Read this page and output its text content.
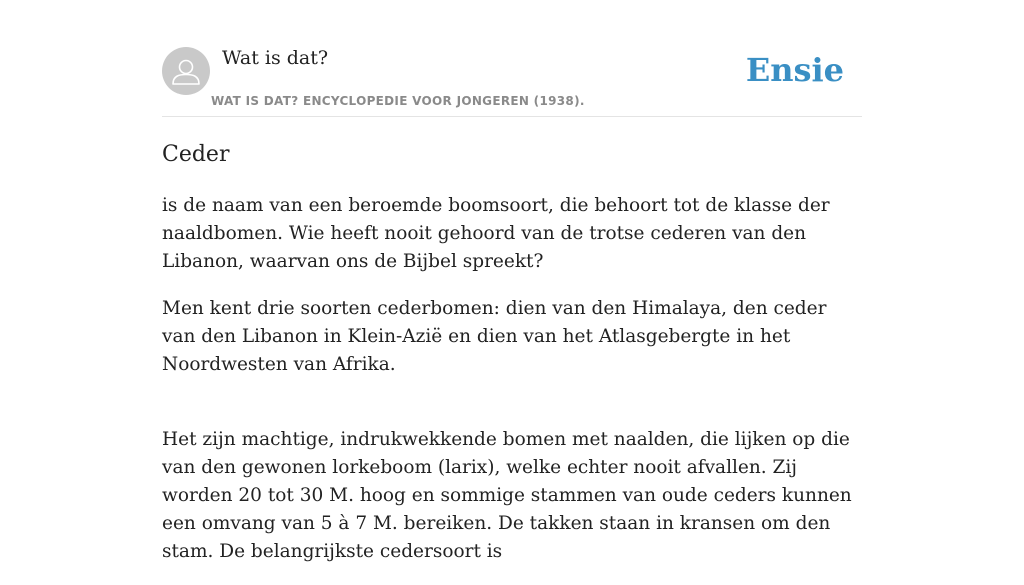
Wat is dat?
WAT IS DAT? ENCYCLOPEDIE VOOR JONGEREN (1938).
Ensie
Ceder

is de naam van een beroemde boomsoort, die behoort tot de klasse der naaldbomen. Wie heeft nooit gehoord van de trotse cederen van den Libanon, waarvan ons de Bijbel spreekt?

Men kent drie soorten cederbomen: dien van den Himalaya, den ceder van den Libanon in Klein-Azië en dien van het Atlasgebergte in het Noordwesten van Afrika.

Het zijn machtige, indrukwekkende bomen met naalden, die lijken op die van den gewonen lorkeboom (larix), welke echter nooit afvallen. Zij worden 20 tot 30 M. hoog en sommige stammen van oude ceders kunnen een omvang van 5 à 7 M. bereiken. De takken staan in kransen om den stam. De belangrijkste cedersoort is
